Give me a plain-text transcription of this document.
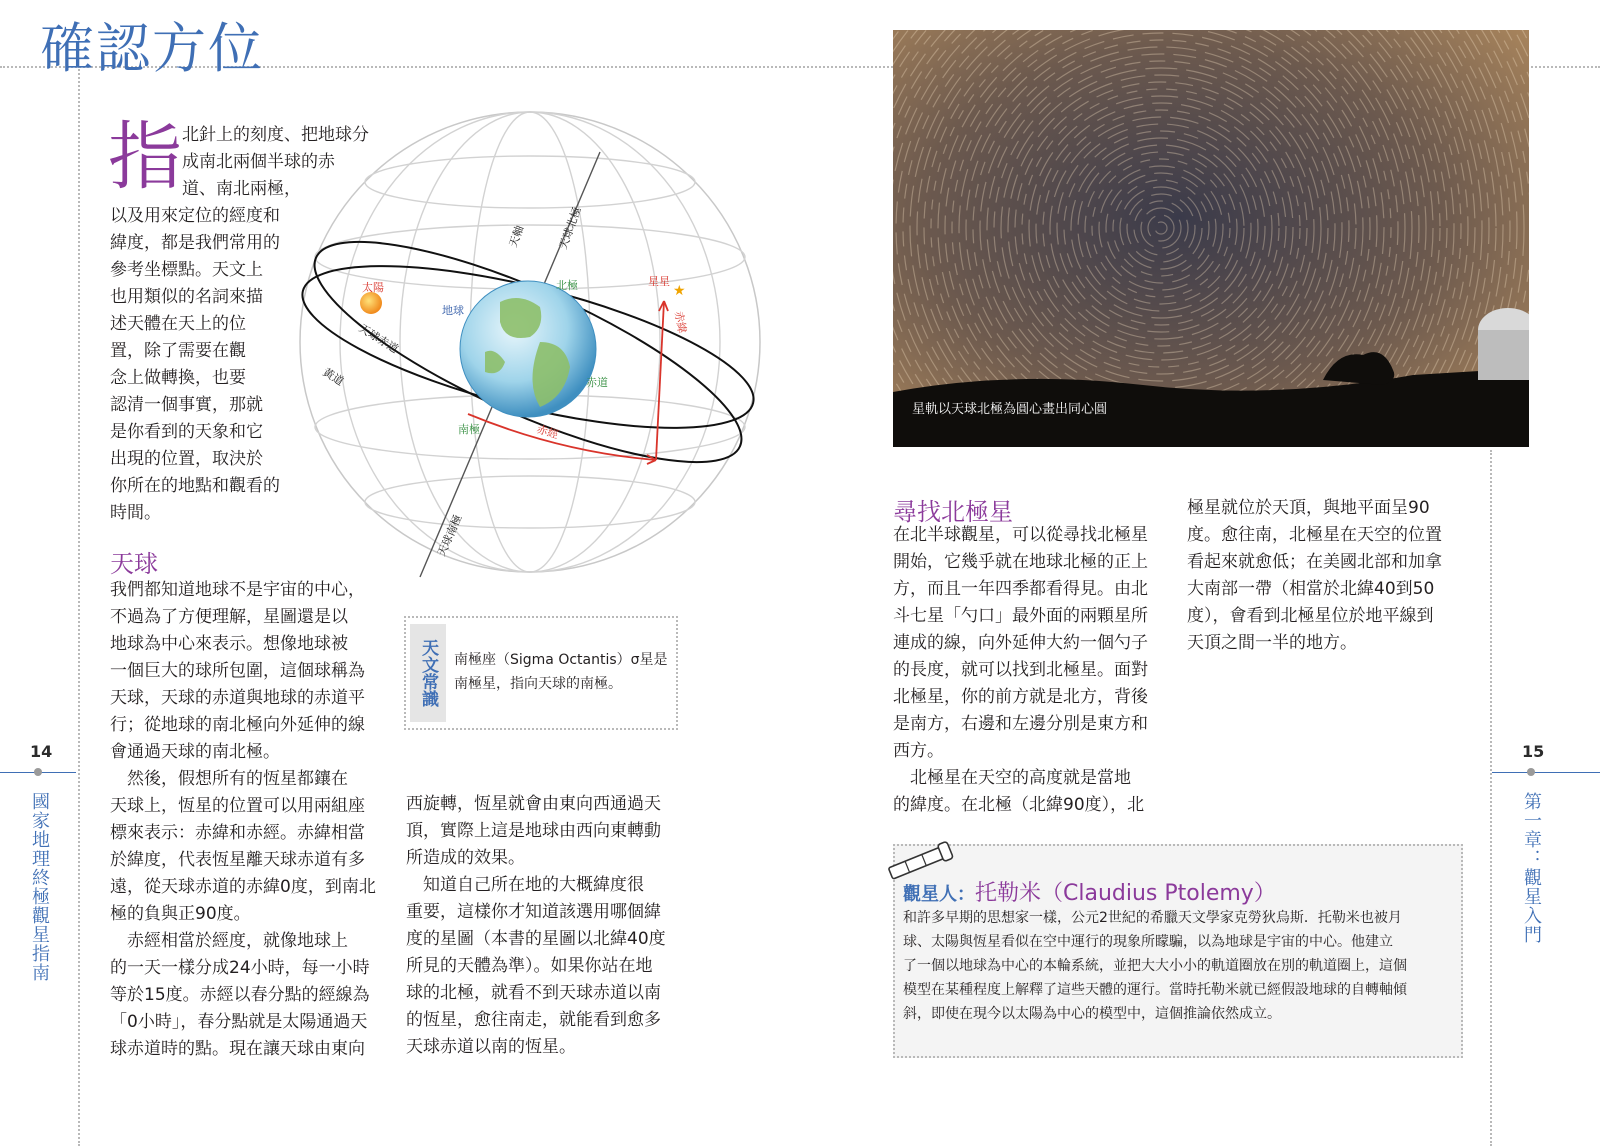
確認方位
指 北針上的刻度、把地球分
成南北兩個半球的赤
道、南北兩極，
以及用來定位的經度和
緯度，都是我們常用的
參考坐標點。天文上
也用類似的名詞來描
述天體在天上的位
置，除了需要在觀
念上做轉換，也要
認清一個事實，那就
是你看到的天象和它
出現的位置，取決於
你所在的地點和觀看的
時間。
★
天軸	天球北極
天球南極
太陽	星星
地球
北極
南極
赤道
天球赤道
黃道
赤緯
赤經
天球
我們都知道地球不是宇宙的中心，
不過為了方便理解，星圖還是以
地球為中心來表示。想像地球被
一個巨大的球所包圍，這個球稱為
天球，天球的赤道與地球的赤道平
行；從地球的南北極向外延伸的線
會通過天球的南北極。
　然後，假想所有的恆星都鑲在
天球上，恆星的位置可以用兩組座
標來表示：赤緯和赤經。赤緯相當
於緯度，代表恆星離天球赤道有多
遠，從天球赤道的赤緯0度，到南北
極的負與正90度。
　赤經相當於經度，就像地球上
的一天一樣分成24小時，每一小時
等於15度。赤經以春分點的經線為
「0小時」，春分點就是太陽通過天
球赤道時的點。現在讓天球由東向
天文常識	南極座（Sigma Octantis）σ星是南極星，指向天球的南極。
西旋轉，恆星就會由東向西通過天
頂，實際上這是地球由西向東轉動
所造成的效果。
　知道自己所在地的大概緯度很
重要，這樣你才知道該選用哪個緯
度的星圖（本書的星圖以北緯40度
所見的天體為準）。如果你站在地
球的北極，就看不到天球赤道以南
的恆星，愈往南走，就能看到愈多
天球赤道以南的恆星。
14
國家地理終極觀星指南
星軌以天球北極為圓心畫出同心圓
尋找北極星
在北半球觀星，可以從尋找北極星
開始，它幾乎就在地球北極的正上
方，而且一年四季都看得見。由北
斗七星「勺口」最外面的兩顆星所
連成的線，向外延伸大約一個勺子
的長度，就可以找到北極星。面對
北極星，你的前方就是北方，背後
是南方，右邊和左邊分別是東方和
西方。
　北極星在天空的高度就是當地
的緯度。在北極（北緯90度），北
極星就位於天頂，與地平面呈90
度。愈往南，北極星在天空的位置
看起來就愈低；在美國北部和加拿
大南部一帶（相當於北緯40到50
度），會看到北極星位於地平線到
天頂之間一半的地方。
觀星人：托勒米（Claudius Ptolemy）
和許多早期的思想家一樣，公元2世紀的希臘天文學家克勞狄烏斯．托勒米也被月
球、太陽與恆星看似在空中運行的現象所矇騙，以為地球是宇宙的中心。他建立
了一個以地球為中心的本輪系統，並把大大小小的軌道圈放在別的軌道圈上，這個
模型在某種程度上解釋了這些天體的運行。當時托勒米就已經假設地球的自轉軸傾
斜，即使在現今以太陽為中心的模型中，這個推論依然成立。
15
第一章：觀星入門
